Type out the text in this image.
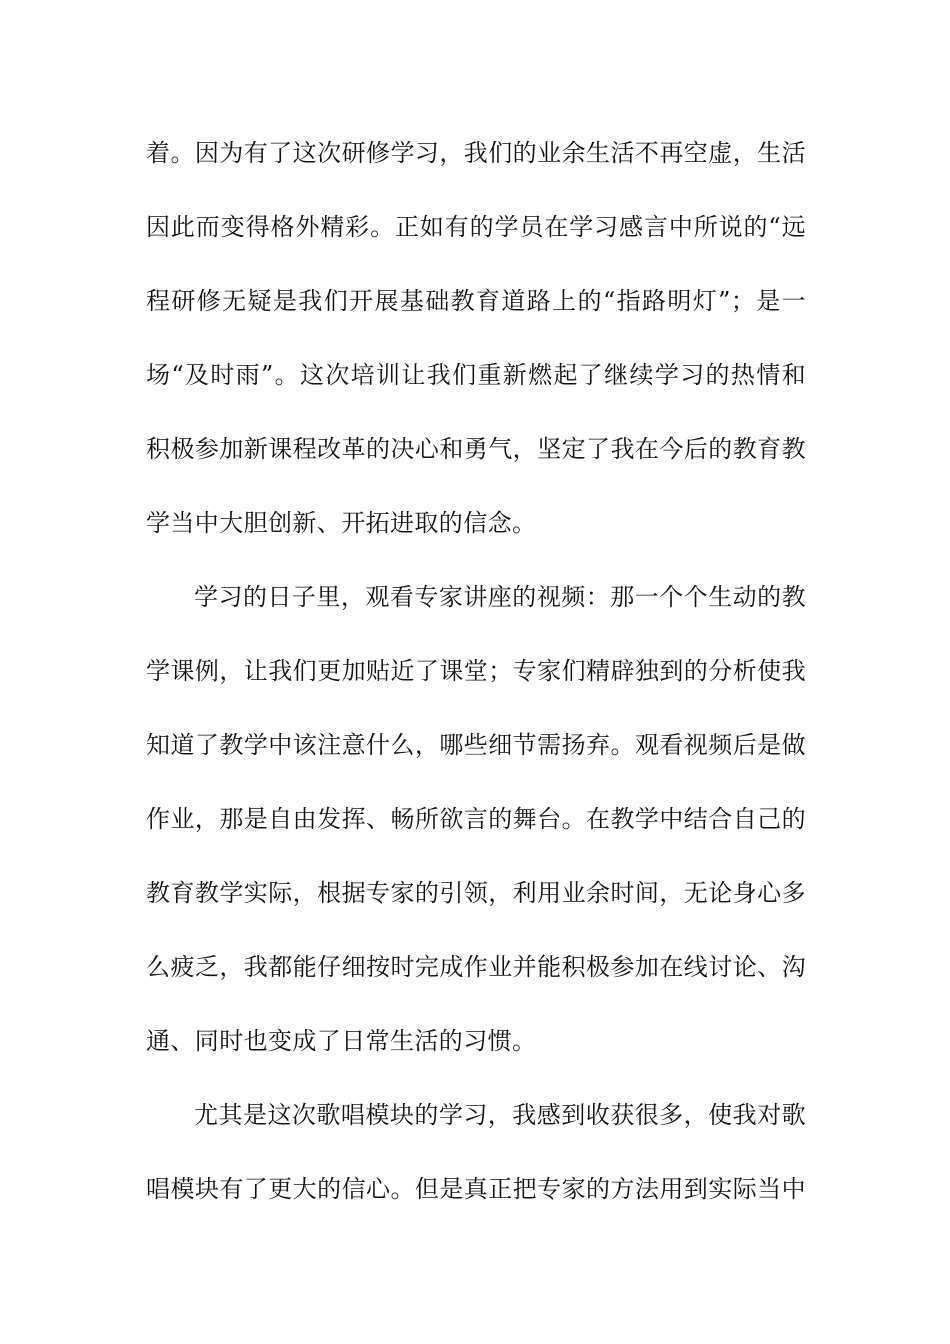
着。因为有了这次研修学习，我们的业余生活不再空虚，生活
因此而变得格外精彩。正如有的学员在学习感言中所说的“远
程研修无疑是我们开展基础教育道路上的“指路明灯”；是一
场“及时雨”。这次培训让我们重新燃起了继续学习的热情和
积极参加新课程改革的决心和勇气，坚定了我在今后的教育教
学当中大胆创新、开拓进取的信念。
学习的日子里，观看专家讲座的视频：那一个个生动的教
学课例，让我们更加贴近了课堂；专家们精辟独到的分析使我
知道了教学中该注意什么，哪些细节需扬弃。观看视频后是做
作业，那是自由发挥、畅所欲言的舞台。在教学中结合自己的
教育教学实际，根据专家的引领，利用业余时间，无论身心多
么疲乏，我都能仔细按时完成作业并能积极参加在线讨论、沟
通、同时也变成了日常生活的习惯。
尤其是这次歌唱模块的学习，我感到收获很多，使我对歌
唱模块有了更大的信心。但是真正把专家的方法用到实际当中
